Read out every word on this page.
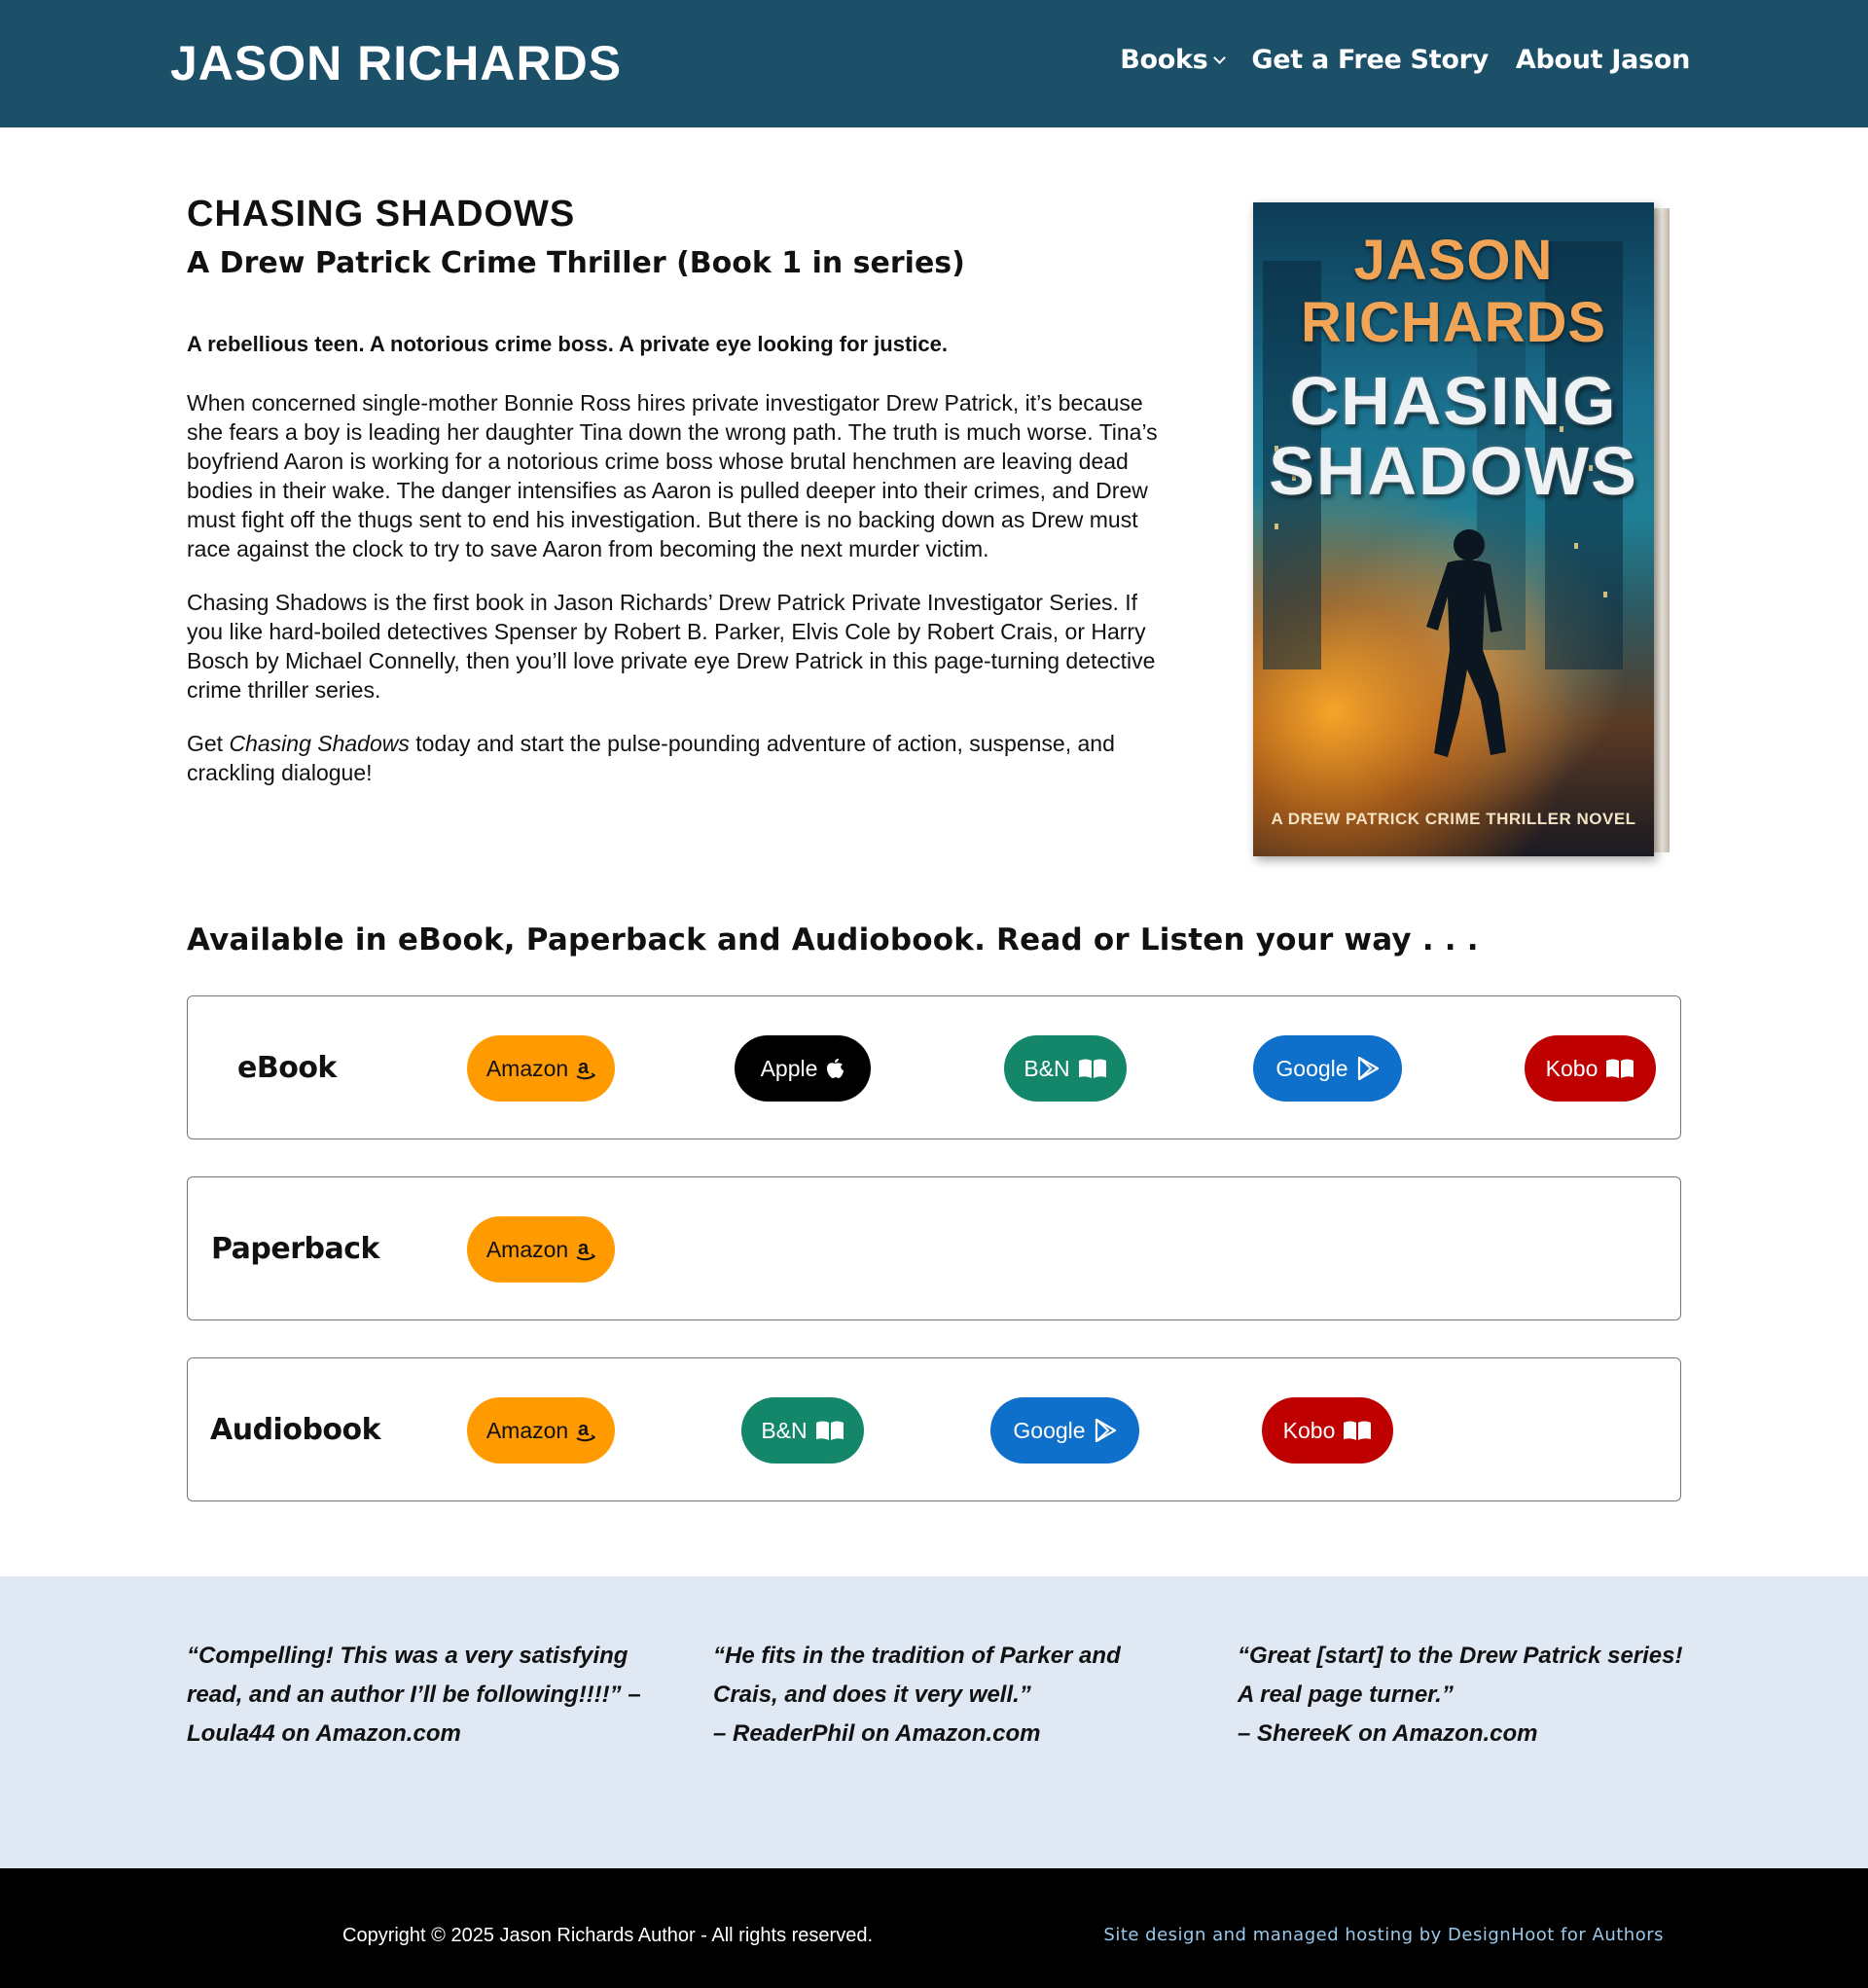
JASON RICHARDS	Books Get a Free Story About Jason
CHASING SHADOWS
A Drew Patrick Crime Thriller (Book 1 in series)

A rebellious teen. A notorious crime boss. A private eye looking for justice.

When concerned single-mother Bonnie Ross hires private investigator Drew Patrick, it’s because she fears a boy is leading her daughter Tina down the wrong path. The truth is much worse. Tina’s boyfriend Aaron is working for a notorious crime boss whose brutal henchmen are leaving dead bodies in their wake. The danger intensifies as Aaron is pulled deeper into their crimes, and Drew must fight off the thugs sent to end his investigation. But there is no backing down as Drew must race against the clock to try to save Aaron from becoming the next murder victim.

Chasing Shadows is the first book in Jason Richards’ Drew Patrick Private Investigator Series. If you like hard-boiled detectives Spenser by Robert B. Parker, Elvis Cole by Robert Crais, or Harry Bosch by Michael Connelly, then you’ll love private eye Drew Patrick in this page-turning detective crime thriller series.

Get Chasing Shadows today and start the pulse-pounding adventure of action, suspense, and crackling dialogue!

JASON RICHARDS
CHASING
SHADOWS
A DREW PATRICK CRIME THRILLER NOVEL
Available in eBook, Paperback and Audiobook. Read or Listen your way . . .
eBook	Amazon a	Apple	B&N	Google	Kobo
Paperback	Amazon a
Audiobook	Amazon a	B&N	Google	Kobo
“Compelling! This was a very satisfying read, and an author I’ll be following!!!!” – Loula44 on Amazon.com
“He fits in the tradition of Parker and Crais, and does it very well.”
– ReaderPhil on Amazon.com
“Great [start] to the Drew Patrick series! A real page turner.”
– ShereeK on Amazon.com
Copyright © 2025 Jason Richards Author - All rights reserved.	Site design and managed hosting by DesignHoot for Authors
